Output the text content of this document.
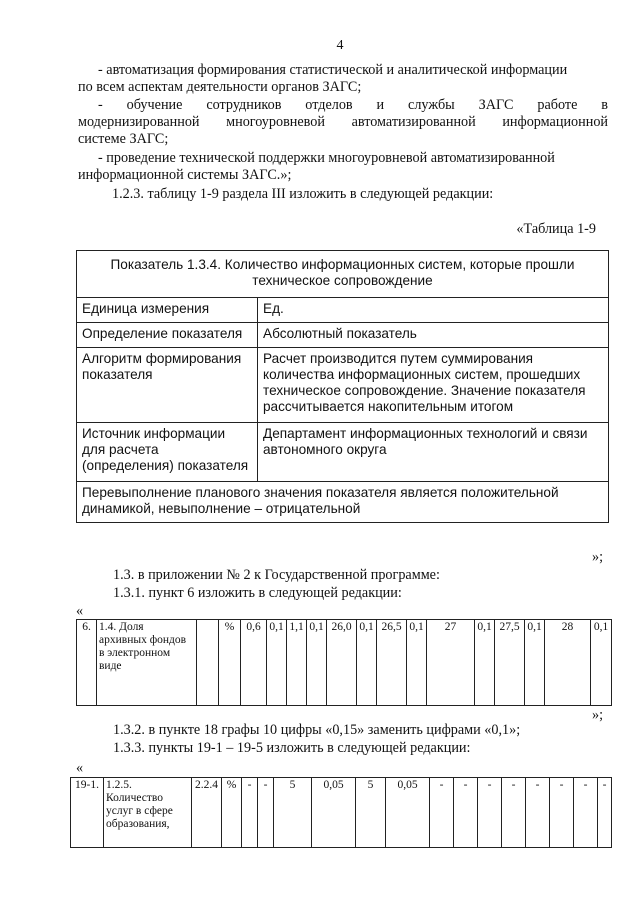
4
- автоматизация формирования статистической и аналитической информации
по всем аспектам деятельности органов ЗАГС;
- обучение сотрудников отделов и службы ЗАГС работе в
модернизированной многоуровневой автоматизированной информационной
системе ЗАГС;
- проведение технической поддержки многоуровневой автоматизированной
информационной системы ЗАГС.»;
1.2.3. таблицу 1-9 раздела III изложить в следующей редакции:
«Таблица 1-9
Показатель 1.3.4. Количество информационных систем, которые прошли техническое сопровождение	
Единица измерения	Ед.
Определение показателя	Абсолютный показатель
Алгоритм формирования показателя	Расчет производится путем суммирования количества информационных систем, прошедших техническое сопровождение. Значение показателя рассчитывается накопительным итогом
Источник информации для расчета (определения) показателя	Департамент информационных технологий и связи автономного округа
Перевыполнение планового значения показателя является положительной динамикой, невыполнение – отрицательной	
»;
1.3. в приложении № 2 к Государственной программе:
1.3.1. пункт 6 изложить в следующей редакции:
«
6.	1.4. Доля архивных фондов в электронном виде		%	0,6	0,1	1,1	0,1	26,0	0,1	26,5	0,1	27	0,1	27,5	0,1	28	0,1
»;
1.3.2. в пункте 18 графы 10 цифры «0,15» заменить цифрами «0,1»;
1.3.3. пункты 19-1 – 19-5 изложить в следующей редакции:
«
19-1.	1.2.5. Количество услуг в сфере образования,	2.2.4	%	-	-	5	0,05	5	0,05	-	-	-	-	-	-	-	-
